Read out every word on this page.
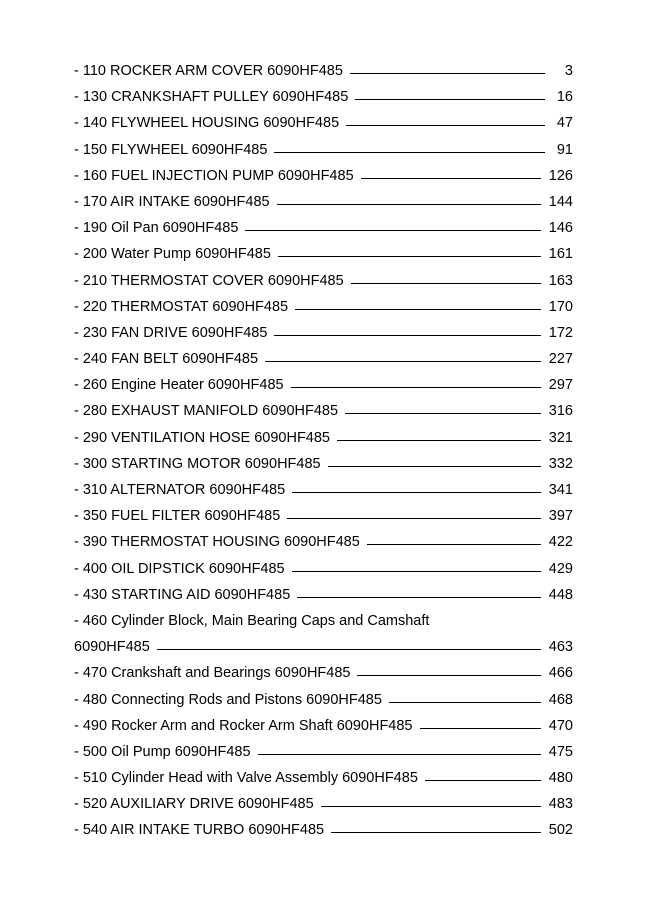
- 110 ROCKER ARM COVER 6090HF485	3
- 130 CRANKSHAFT PULLEY 6090HF485	16
- 140 FLYWHEEL HOUSING 6090HF485	47
- 150 FLYWHEEL 6090HF485	91
- 160 FUEL INJECTION PUMP 6090HF485	126
- 170 AIR INTAKE 6090HF485	144
- 190 Oil Pan 6090HF485	146
- 200 Water Pump 6090HF485	161
- 210 THERMOSTAT COVER 6090HF485	163
- 220 THERMOSTAT 6090HF485	170
- 230 FAN DRIVE 6090HF485	172
- 240 FAN BELT 6090HF485	227
- 260 Engine Heater 6090HF485	297
- 280 EXHAUST MANIFOLD 6090HF485	316
- 290 VENTILATION HOSE 6090HF485	321
- 300 STARTING MOTOR 6090HF485	332
- 310 ALTERNATOR 6090HF485	341
- 350 FUEL FILTER 6090HF485	397
- 390 THERMOSTAT HOUSING 6090HF485	422
- 400 OIL DIPSTICK 6090HF485	429
- 430 STARTING AID 6090HF485	448
- 460 Cylinder Block, Main Bearing Caps and Camshaft
6090HF485	463
- 470 Crankshaft and Bearings 6090HF485	466
- 480 Connecting Rods and Pistons 6090HF485	468
- 490 Rocker Arm and Rocker Arm Shaft 6090HF485	470
- 500 Oil Pump 6090HF485	475
- 510 Cylinder Head with Valve Assembly 6090HF485	480
- 520 AUXILIARY DRIVE 6090HF485	483
- 540 AIR INTAKE TURBO 6090HF485	502
